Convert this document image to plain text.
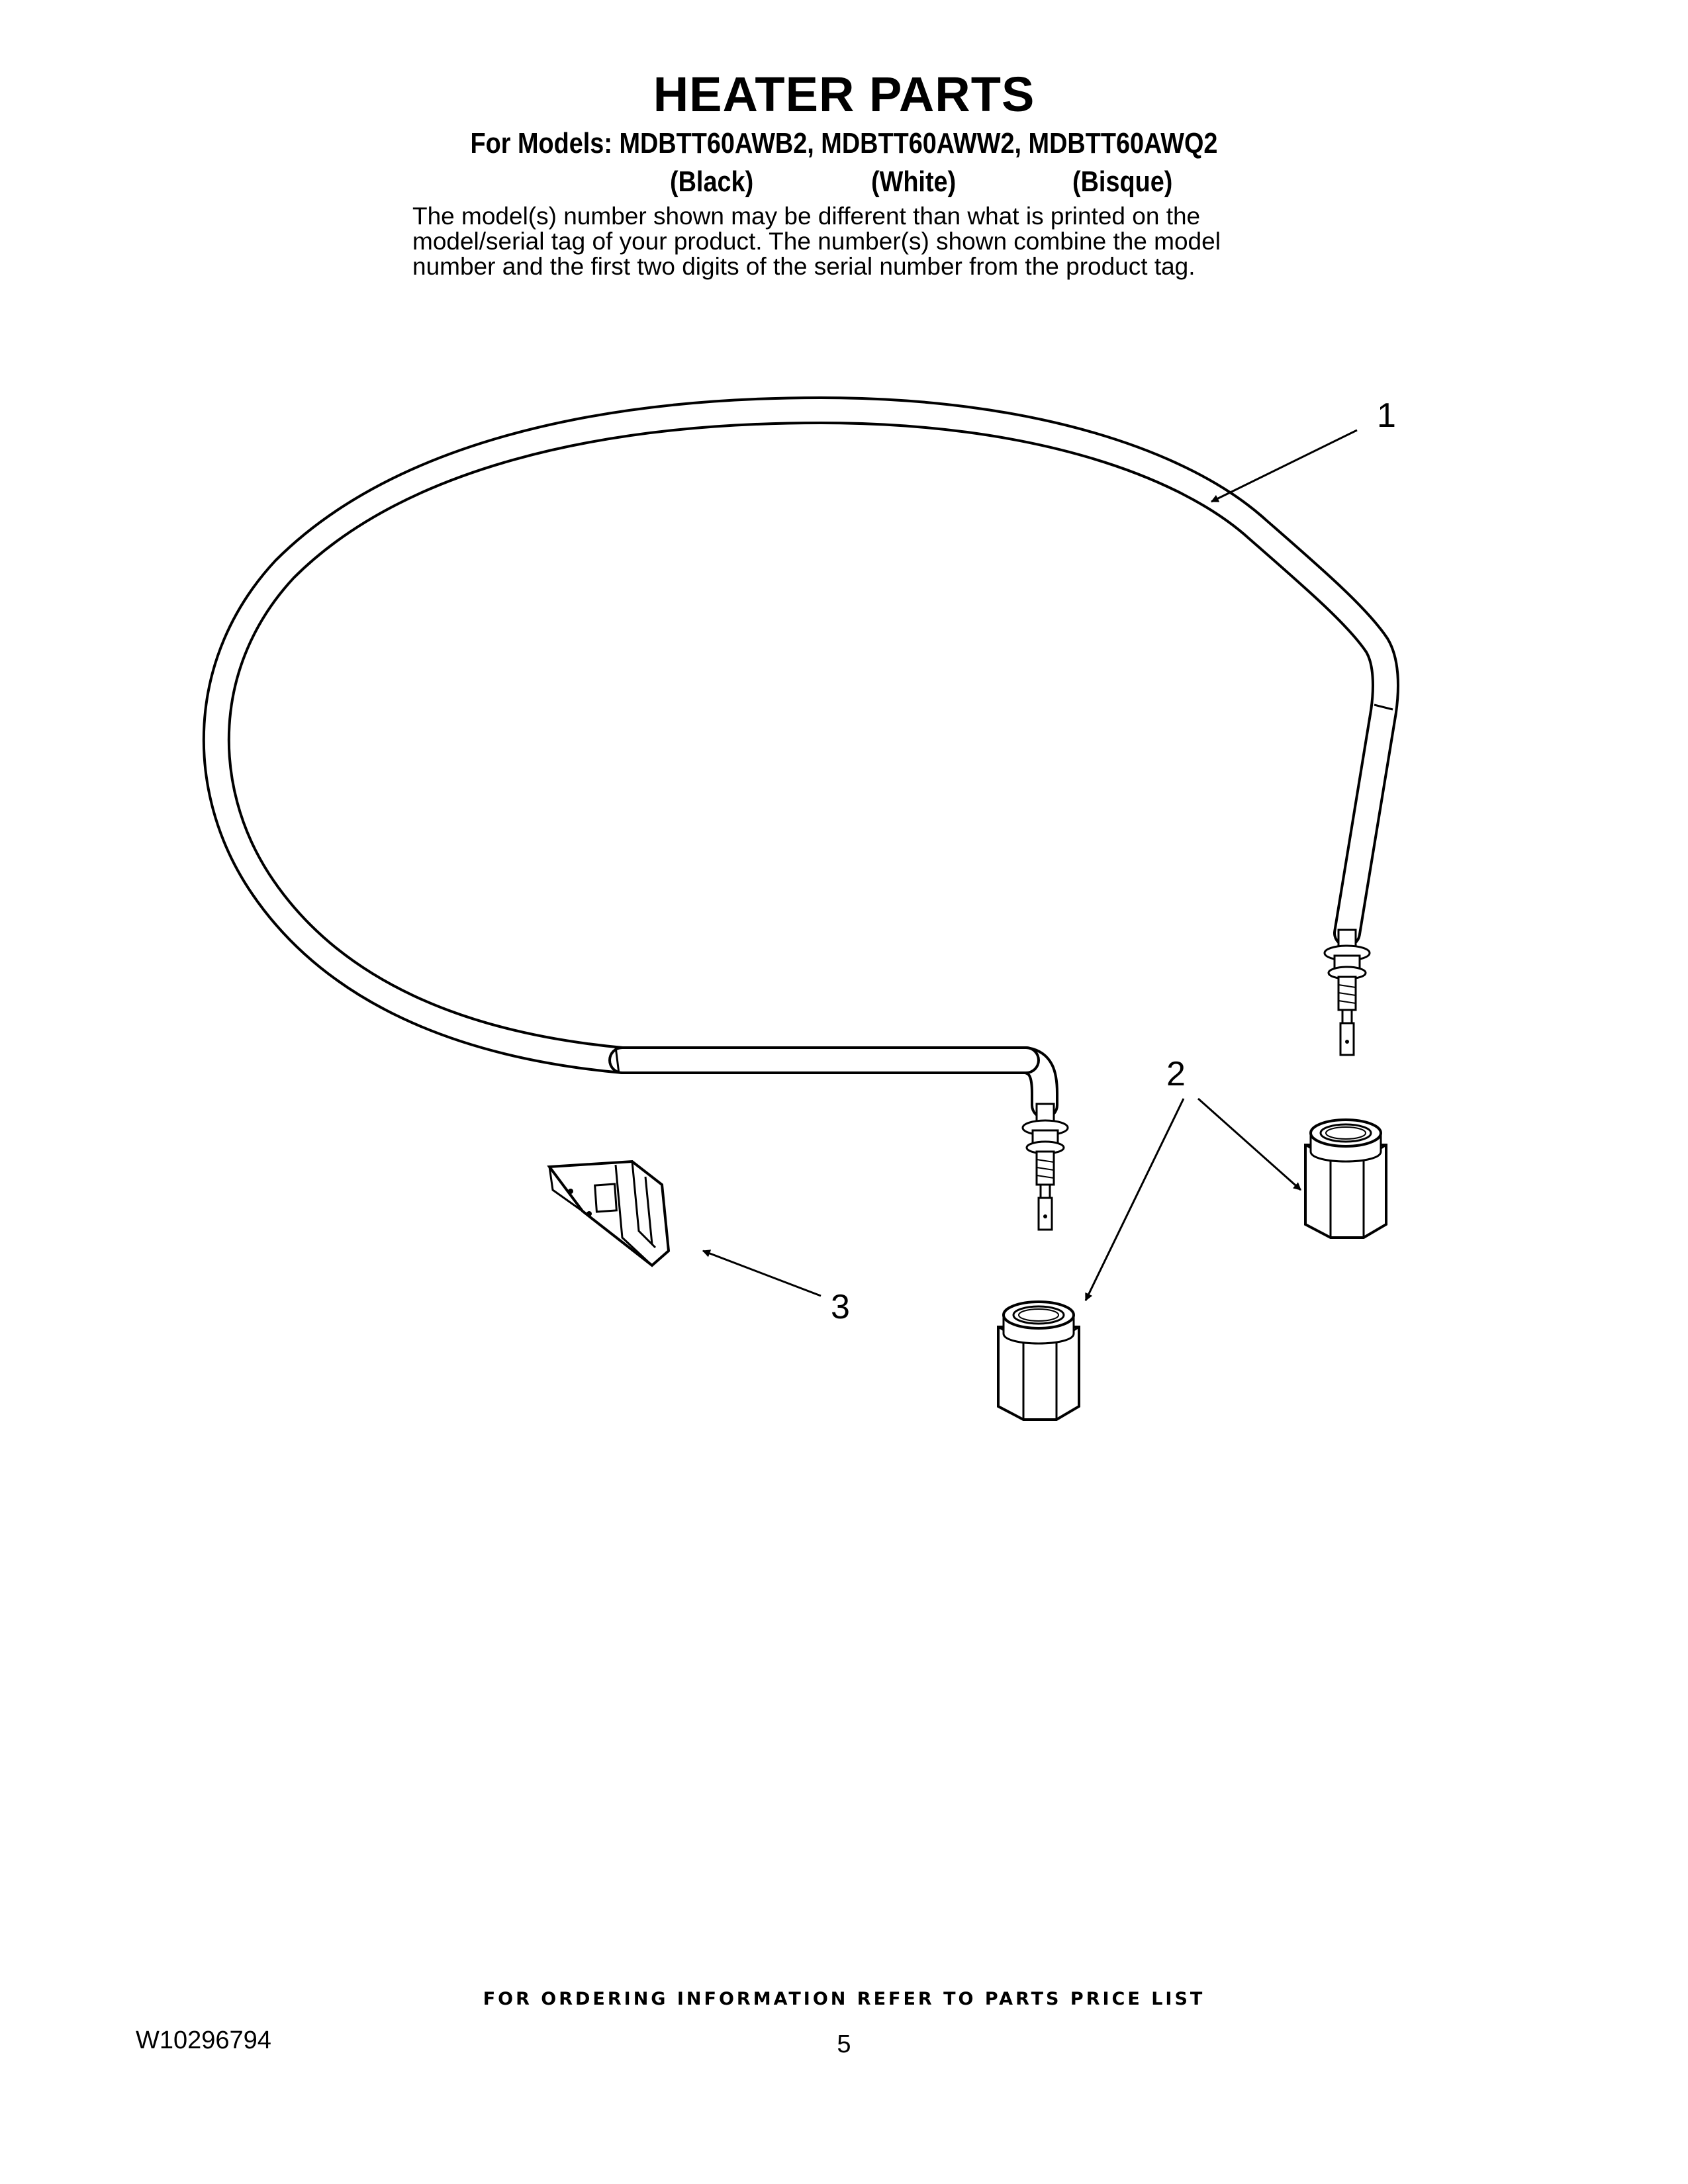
HEATER PARTS
For Models: MDBTT60AWB2, MDBTT60AWW2, MDBTT60AWQ2
(Black)	(White)	(Bisque)
The model(s) number shown may be different than what is printed on the
model/serial tag of your product. The number(s) shown combine the model
number and the first two digits of the serial number from the product tag.
1
2
3
FOR ORDERING INFORMATION REFER TO PARTS PRICE LIST
W10296794	5
